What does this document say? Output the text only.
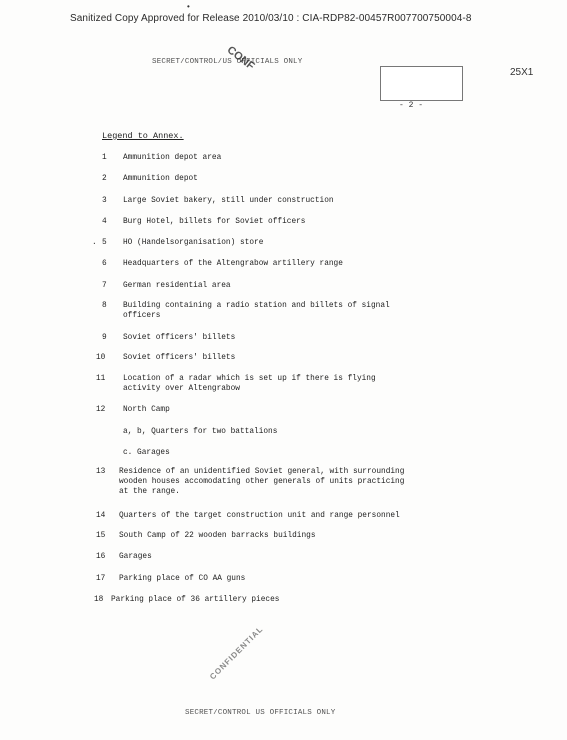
•
Sanitized Copy Approved for Release 2010/03/10 : CIA-RDP82-00457R007700750004-8
SECRET/CONTROL/US OFFICIALS ONLY
CONF
- 2 -
25X1
Legend to Annex.
1	Ammunition depot area
2	Ammunition depot
3	Large Soviet bakery, still under construction
4	Burg Hotel, billets for Soviet officers
. 5	HO (Handelsorganisation) store
6	Headquarters of the Altengrabow artillery range
7	German residential area
8	Building containing a radio station and billets of signal
officers
9	Soviet officers' billets
10	Soviet officers' billets
11	Location of a radar which is set up if there is flying
activity over Altengrabow
12	North Camp
a, b, Quarters for two battalions
c. Garages
13	Residence of an unidentified Soviet general, with surrounding
wooden houses accomodating other generals of units practicing
at the range.
14	Quarters of the target construction unit and range personnel
15	South Camp of 22 wooden barracks buildings
16	Garages
17	Parking place of CO AA guns
18 Parking place of 36 artillery pieces
CONFIDENTIAL
SECRET/CONTROL US OFFICIALS ONLY
